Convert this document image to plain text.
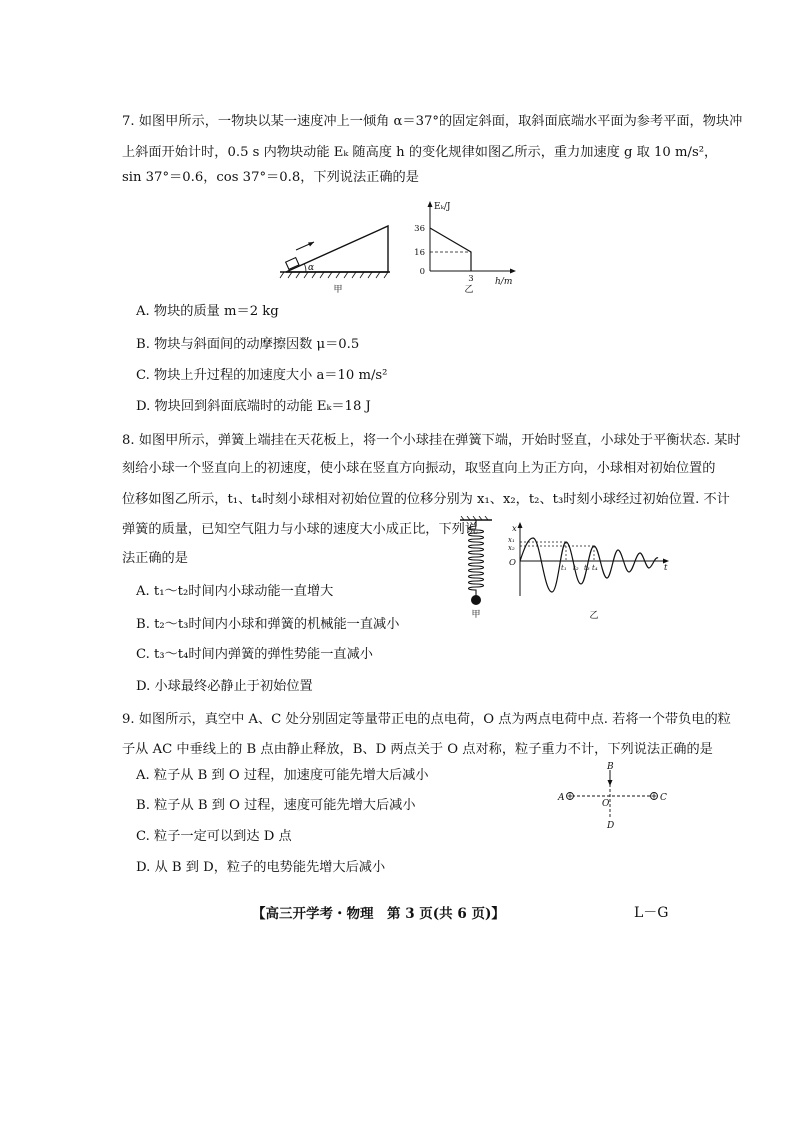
7. 如图甲所示，一物块以某一速度冲上一倾角 α＝37°的固定斜面，取斜面底端水平面为参考平面，物块冲
上斜面开始计时，0.5 s 内物块动能 Eₖ 随高度 h 的变化规律如图乙所示，重力加速度 g 取 10 m/s²，
sin 37°＝0.6，cos 37°＝0.8，下列说法正确的是
α
甲
Eₖ/J
36
16
0
3 h/m
乙
A. 物块的质量 m＝2 kg
B. 物块与斜面间的动摩擦因数 μ＝0.5
C. 物块上升过程的加速度大小 a＝10 m/s²
D. 物块回到斜面底端时的动能 Eₖ＝18 J
8. 如图甲所示，弹簧上端挂在天花板上，将一个小球挂在弹簧下端，开始时竖直，小球处于平衡状态. 某时
刻给小球一个竖直向上的初速度，使小球在竖直方向振动，取竖直向上为正方向，小球相对初始位置的
位移如图乙所示，t₁、t₄时刻小球相对初始位置的位移分别为 x₁、x₂，t₂、t₃时刻小球经过初始位置. 不计
弹簧的质量，已知空气阻力与小球的速度大小成正比，下列说
法正确的是
A. t₁～t₂时间内小球动能一直增大
B. t₂～t₃时间内小球和弹簧的机械能一直减小
C. t₃～t₄时间内弹簧的弹性势能一直减小
D. 小球最终必静止于初始位置
甲
x
x₁
x₂
O	t₁ t₂ t₃ t₄	t
乙
9. 如图所示，真空中 A、C 处分别固定等量带正电的点电荷，O 点为两点电荷中点. 若将一个带负电的粒
子从 AC 中垂线上的 B 点由静止释放，B、D 两点关于 O 点对称，粒子重力不计，下列说法正确的是
A. 粒子从 B 到 O 过程，加速度可能先增大后减小
B. 粒子从 B 到 O 过程，速度可能先增大后减小
C. 粒子一定可以到达 D 点
D. 从 B 到 D，粒子的电势能先增大后减小
A	C
B
O
D
【高三开学考・物理　第 3 页(共 6 页)】	L－G
